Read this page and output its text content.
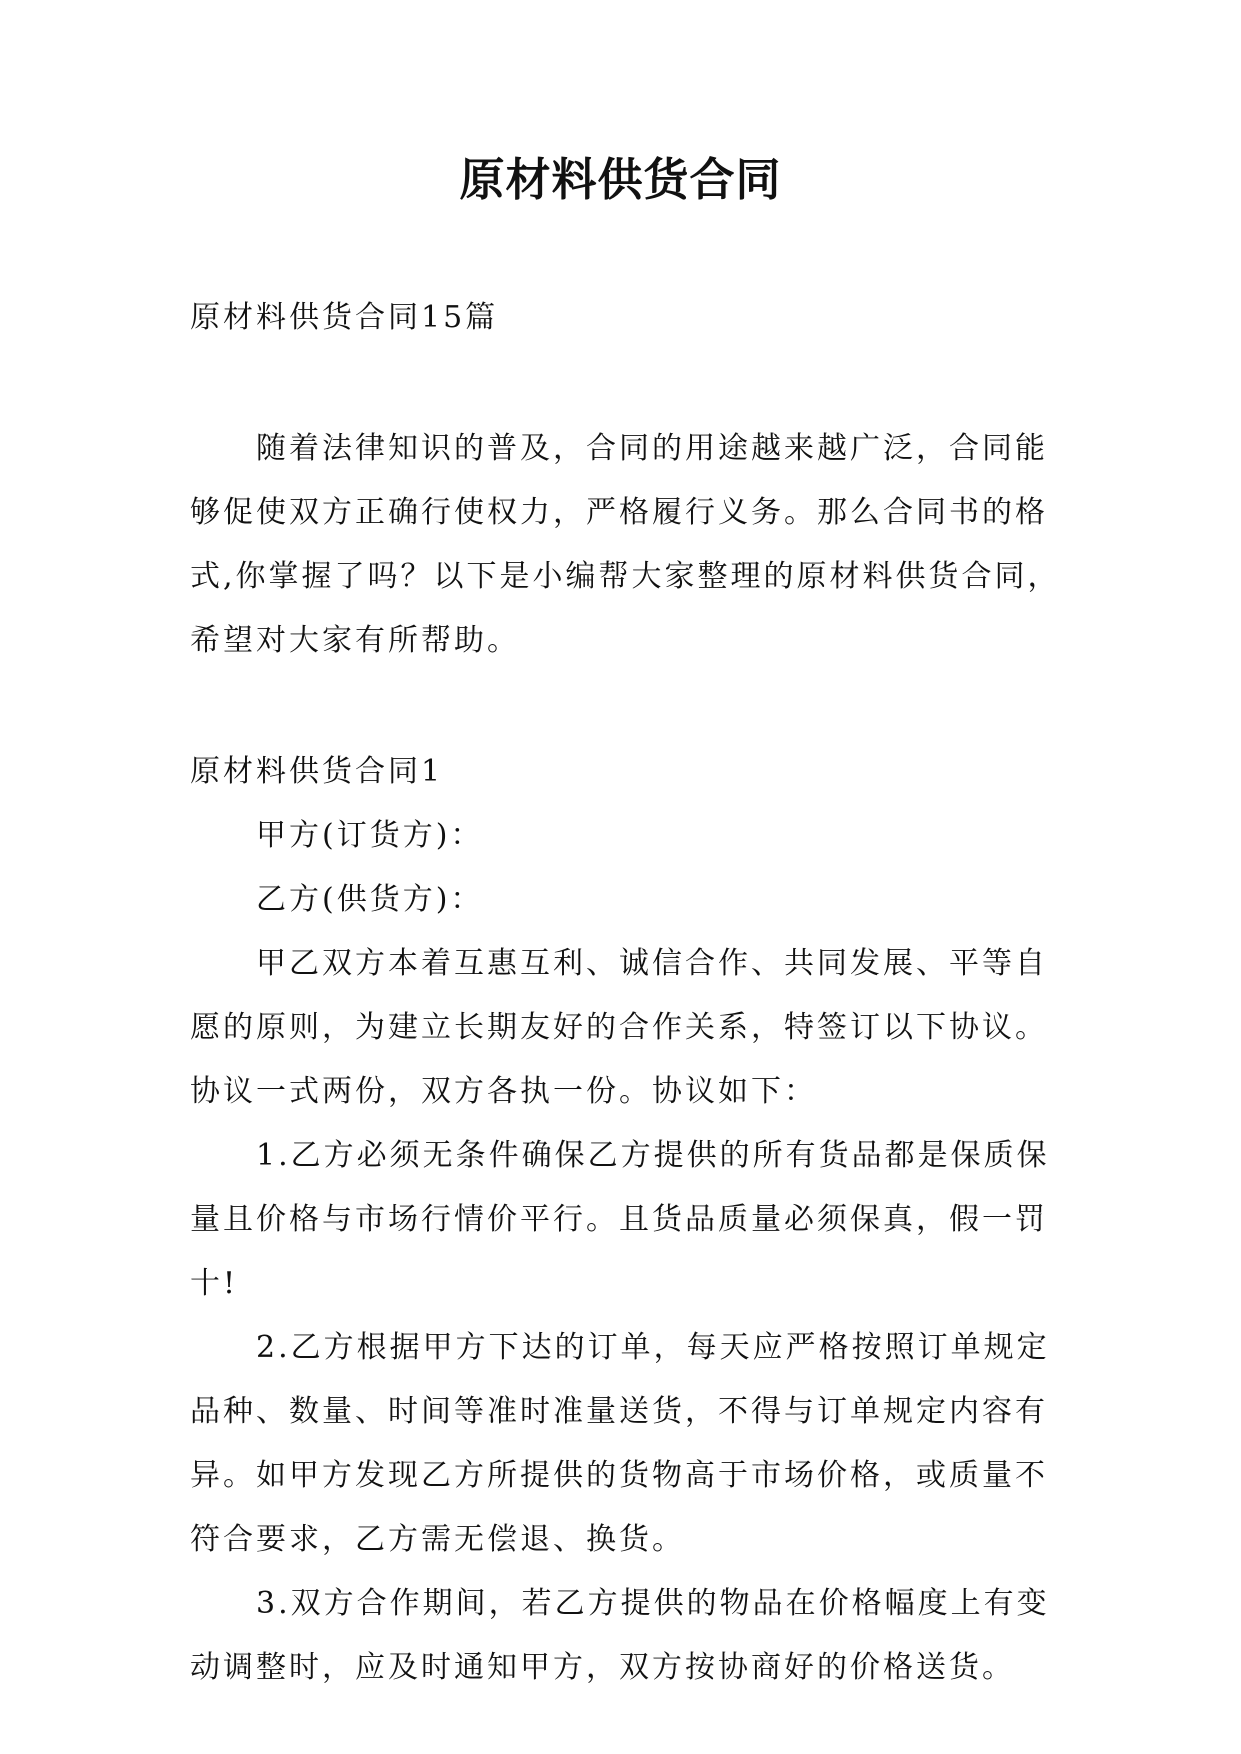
原材料供货合同

原材料供货合同15篇

随着法律知识的普及，合同的用途越来越广泛，合同能够促使双方正确行使权力，严格履行义务。那么合同书的格式,你掌握了吗？以下是小编帮大家整理的原材料供货合同，希望对大家有所帮助。

原材料供货合同1

甲方(订货方)：

乙方(供货方)：

甲乙双方本着互惠互利、诚信合作、共同发展、平等自愿的原则，为建立长期友好的合作关系，特签订以下协议。协议一式两份，双方各执一份。协议如下：

1.乙方必须无条件确保乙方提供的所有货品都是保质保量且价格与市场行情价平行。且货品质量必须保真，假一罚十!

2.乙方根据甲方下达的订单，每天应严格按照订单规定品种、数量、时间等准时准量送货，不得与订单规定内容有异。如甲方发现乙方所提供的货物高于市场价格，或质量不符合要求，乙方需无偿退、换货。

3.双方合作期间，若乙方提供的物品在价格幅度上有变动调整时，应及时通知甲方，双方按协商好的价格送货。
